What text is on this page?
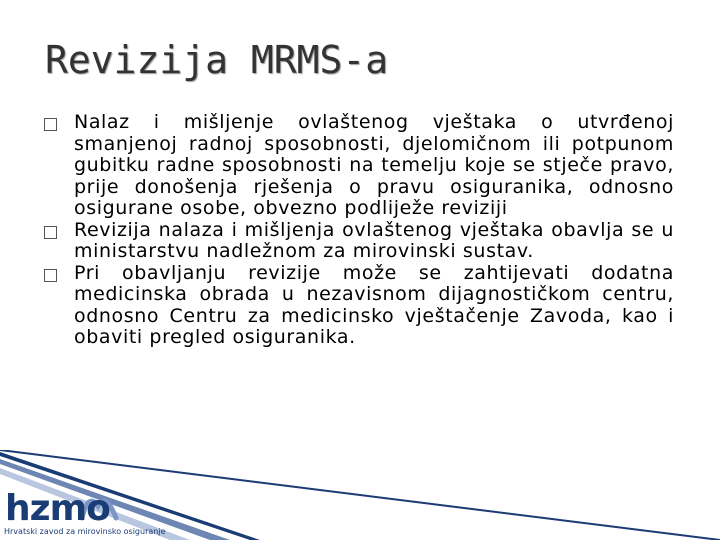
Revizija MRMS-a
Nalaz i mišljenje ovlaštenog vještaka o utvrđenoj smanjenoj radnoj sposobnosti, djelomičnom ili potpunom gubitku radne sposobnosti na temelju koje se stječe pravo, prije donošenja rješenja o pravu osiguranika, odnosno osigurane osobe, obvezno podliježe reviziji
Revizija nalaza i mišljenja ovlaštenog vještaka obavlja se u ministarstvu nadležnom za mirovinski sustav.
Pri obavljanju revizije može se zahtijevati dodatna medicinska obrada u nezavisnom dijagnostičkom centru, odnosno Centru za medicinsko vještačenje Zavoda, kao i obaviti pregled osiguranika.
hzmo
Hrvatski zavod za mirovinsko osiguranje
